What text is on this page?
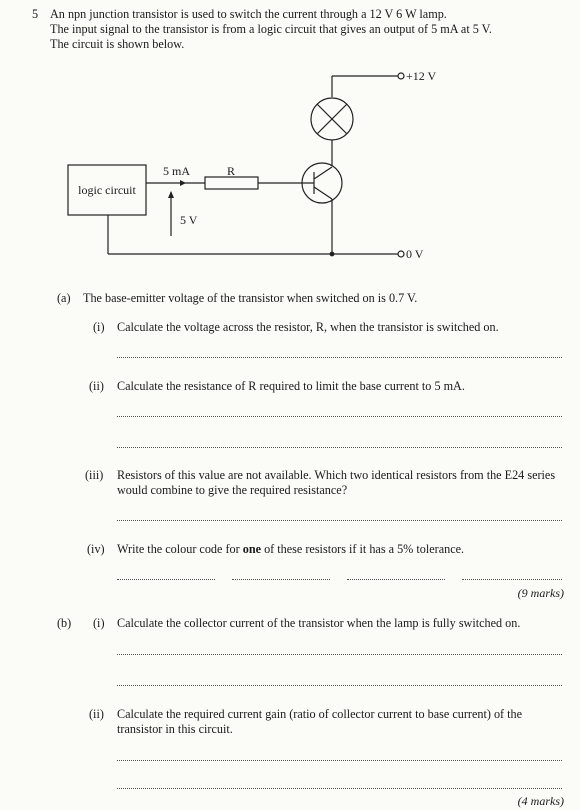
5 An npn junction transistor is used to switch the current through a 12 V 6 W lamp.
The input signal to the transistor is from a logic circuit that gives an output of 5 mA at 5 V.
The circuit is shown below.
+12 V
0 V
logic circuit
5 mA	R
5 V
(a) The base-emitter voltage of the transistor when switched on is 0.7 V.
(i) Calculate the voltage across the resistor, R, when the transistor is switched on.
(ii) Calculate the resistance of R required to limit the base current to 5 mA.
(iii) Resistors of this value are not available. Which two identical resistors from the E24 series
would combine to give the required resistance?
(iv) Write the colour code for one of these resistors if it has a 5% tolerance.
(9 marks)
(b) (i) Calculate the collector current of the transistor when the lamp is fully switched on.
(ii) Calculate the required current gain (ratio of collector current to base current) of the
transistor in this circuit.
(4 marks)
